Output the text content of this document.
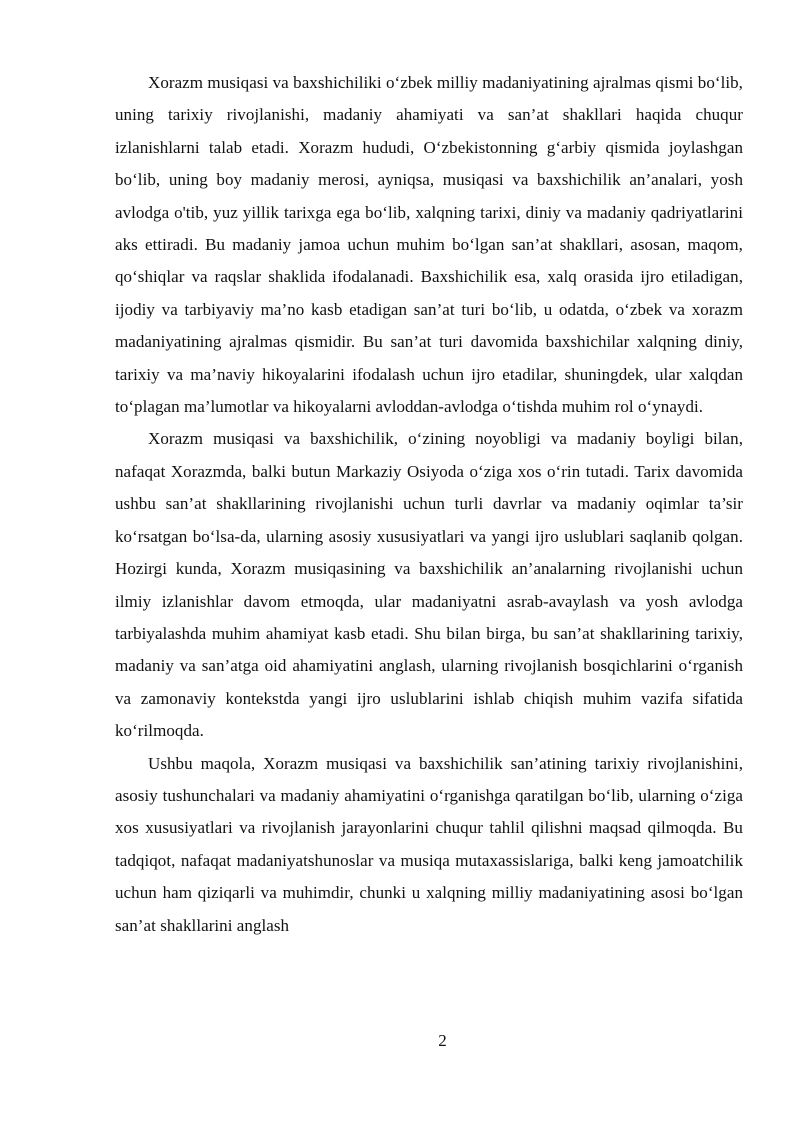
Xorazm musiqasi va baxshichiliki oʻzbek milliy madaniyatining ajralmas qismi boʻlib, uning tarixiy rivojlanishi, madaniy ahamiyati va san’at shakllari haqida chuqur izlanishlarni talab etadi. Xorazm hududi, Oʻzbekistonning gʻarbiy qismida joylashgan boʻlib, uning boy madaniy merosi, ayniqsa, musiqasi va baxshichilik an’analari, yosh avlodga o'tib, yuz yillik tarixga ega boʻlib, xalqning tarixi, diniy va madaniy qadriyatlarini aks ettiradi. Bu madaniy jamoa uchun muhim boʻlgan san’at shakllari, asosan, maqom, qoʻshiqlar va raqslar shaklida ifodalanadi. Baxshichilik esa, xalq orasida ijro etiladigan, ijodiy va tarbiyaviy ma’no kasb etadigan san’at turi boʻlib, u odatda, oʻzbek va xorazm madaniyatining ajralmas qismidir. Bu san’at turi davomida baxshichilar xalqning diniy, tarixiy va ma’naviy hikoyalarini ifodalash uchun ijro etadilar, shuningdek, ular xalqdan toʻplagan ma’lumotlar va hikoyalarni avloddan-avlodga oʻtishda muhim rol oʻynaydi.

Xorazm musiqasi va baxshichilik, oʻzining noyobligi va madaniy boyligi bilan, nafaqat Xorazmda, balki butun Markaziy Osiyoda oʻziga xos oʻrin tutadi. Tarix davomida ushbu san’at shakllarining rivojlanishi uchun turli davrlar va madaniy oqimlar ta’sir koʻrsatgan boʻlsa-da, ularning asosiy xususiyatlari va yangi ijro uslublari saqlanib qolgan. Hozirgi kunda, Xorazm musiqasining va baxshichilik an’analarning rivojlanishi uchun ilmiy izlanishlar davom etmoqda, ular madaniyatni asrab-avaylash va yosh avlodga tarbiyalashda muhim ahamiyat kasb etadi. Shu bilan birga, bu san’at shakllarining tarixiy, madaniy va san’atga oid ahamiyatini anglash, ularning rivojlanish bosqichlarini oʻrganish va zamonaviy kontekstda yangi ijro uslublarini ishlab chiqish muhim vazifa sifatida koʻrilmoqda.

Ushbu maqola, Xorazm musiqasi va baxshichilik san’atining tarixiy rivojlanishini, asosiy tushunchalari va madaniy ahamiyatini oʻrganishga qaratilgan boʻlib, ularning oʻziga xos xususiyatlari va rivojlanish jarayonlarini chuqur tahlil qilishni maqsad qilmoqda. Bu tadqiqot, nafaqat madaniyatshunoslar va musiqa mutaxassislariga, balki keng jamoatchilik uchun ham qiziqarli va muhimdir, chunki u xalqning milliy madaniyatining asosi boʻlgan san’at shakllarini anglash

2
